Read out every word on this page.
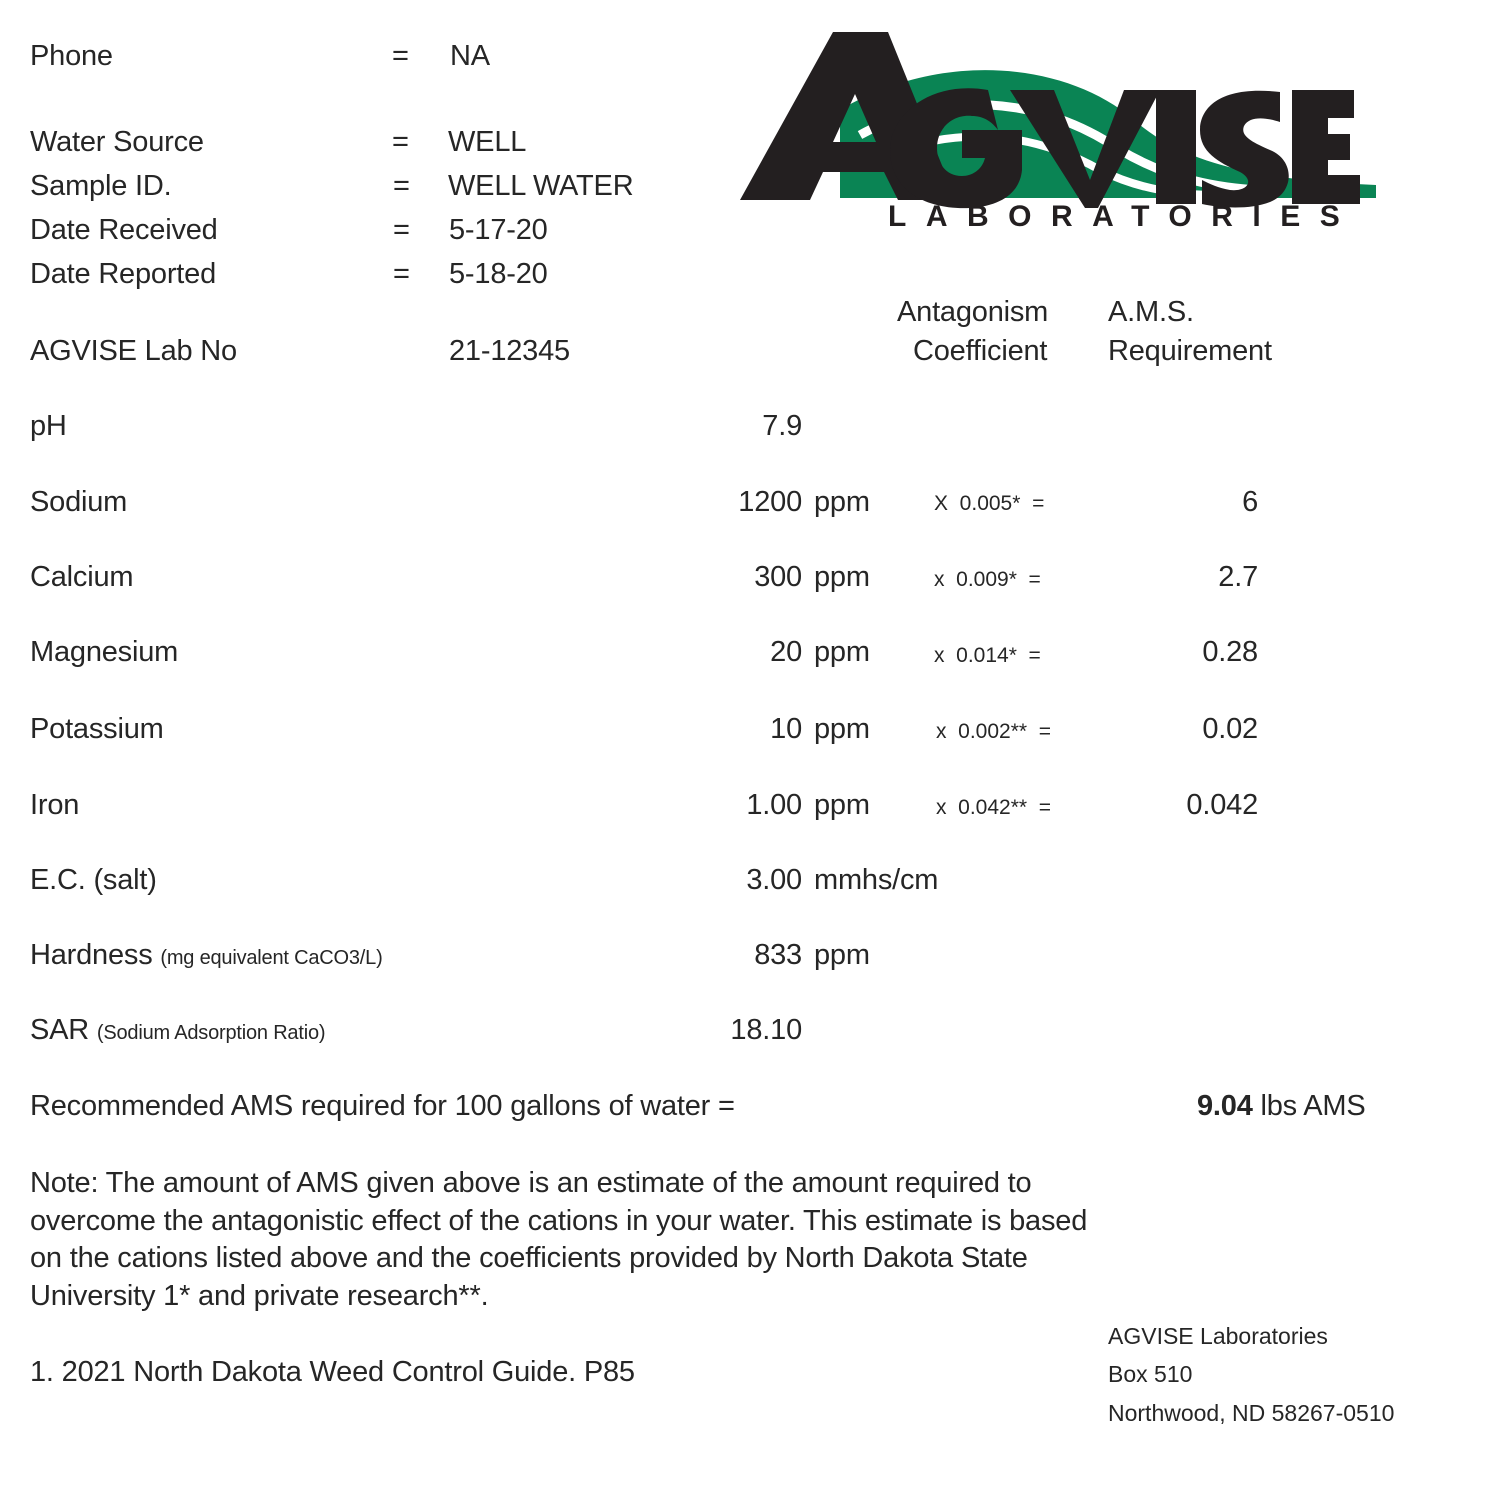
Phone	= NA
Water Source	= WELL
Sample ID.	= WELL WATER
Date Received	= 5-17-20
Date Reported	= 5-18-20
AGVISE Lab No	21-12345
LABORATORIES
Antagonism
Coefficient
A.M.S.
Requirement
pH	7.9
Sodium	1200 ppm	X  0.005*  =	6
Calcium	300 ppm	x  0.009*  =	2.7
Magnesium	20 ppm	x  0.014*  =	0.28
Potassium	10 ppm	x  0.002**  =	0.02
Iron	1.00 ppm	x  0.042**  =	0.042
E.C. (salt)	3.00 mmhs/cm
Hardness (mg equivalent CaCO3/L)	833 ppm
SAR (Sodium Adsorption Ratio)	18.10
Recommended AMS required for 100 gallons of water =	9.04 lbs AMS
Note: The amount of AMS given above is an estimate of the amount required to
overcome the antagonistic effect of the cations in your water. This estimate is based
on the cations listed above and the coefficients provided by North Dakota State
University 1* and private research**.
1. 2021 North Dakota Weed Control Guide. P85
AGVISE Laboratories
Box 510
Northwood, ND 58267-0510
